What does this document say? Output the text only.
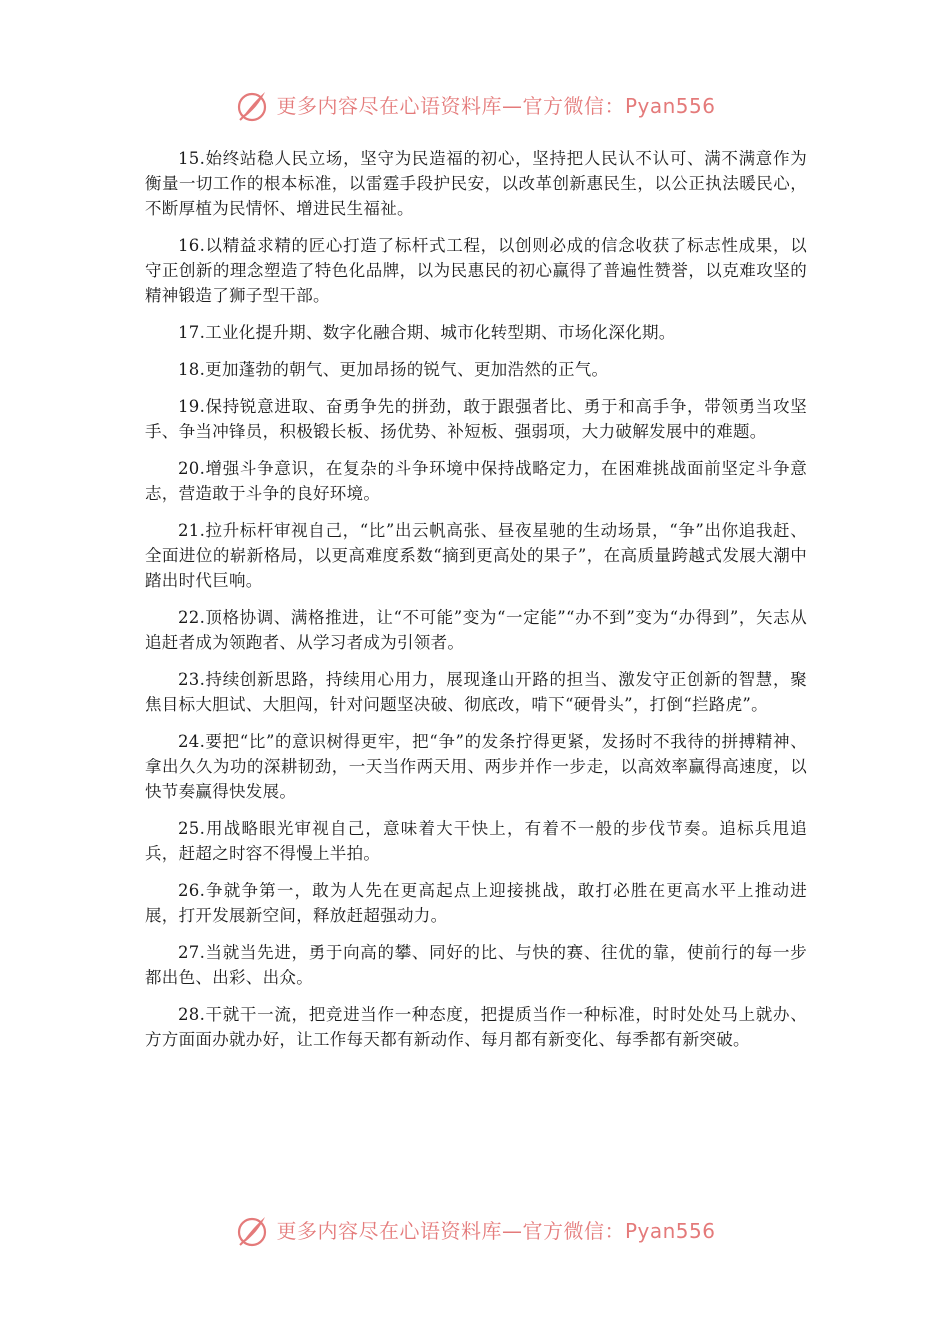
更多内容尽在心语资料库—官方微信：Pyan556

15.始终站稳人民立场，坚守为民造福的初心，坚持把人民认不认可、满不满意作为衡量一切工作的根本标准，以雷霆手段护民安，以改革创新惠民生，以公正执法暖民心，不断厚植为民情怀、增进民生福祉。

16.以精益求精的匠心打造了标杆式工程，以创则必成的信念收获了标志性成果，以守正创新的理念塑造了特色化品牌，以为民惠民的初心赢得了普遍性赞誉，以克难攻坚的精神锻造了狮子型干部。

17.工业化提升期、数字化融合期、城市化转型期、市场化深化期。

18.更加蓬勃的朝气、更加昂扬的锐气、更加浩然的正气。

19.保持锐意进取、奋勇争先的拼劲，敢于跟强者比、勇于和高手争，带领勇当攻坚手、争当冲锋员，积极锻长板、扬优势、补短板、强弱项，大力破解发展中的难题。

20.增强斗争意识，在复杂的斗争环境中保持战略定力，在困难挑战面前坚定斗争意志，营造敢于斗争的良好环境。

21.拉升标杆审视自己，“比”出云帆高张、昼夜星驰的生动场景，“争”出你追我赶、全面进位的崭新格局，以更高难度系数“摘到更高处的果子”，在高质量跨越式发展大潮中踏出时代巨响。

22.顶格协调、满格推进，让“不可能”变为“一定能”“办不到”变为“办得到”，矢志从追赶者成为领跑者、从学习者成为引领者。

23.持续创新思路，持续用心用力，展现逢山开路的担当、激发守正创新的智慧，聚焦目标大胆试、大胆闯，针对问题坚决破、彻底改，啃下“硬骨头”，打倒“拦路虎”。

24.要把“比”的意识树得更牢，把“争”的发条拧得更紧，发扬时不我待的拼搏精神、拿出久久为功的深耕韧劲，一天当作两天用、两步并作一步走，以高效率赢得高速度，以快节奏赢得快发展。

25.用战略眼光审视自己，意味着大干快上，有着不一般的步伐节奏。追标兵甩追兵，赶超之时容不得慢上半拍。

26.争就争第一，敢为人先在更高起点上迎接挑战，敢打必胜在更高水平上推动进展，打开发展新空间，释放赶超强动力。

27.当就当先进，勇于向高的攀、同好的比、与快的赛、往优的靠，使前行的每一步都出色、出彩、出众。

28.干就干一流，把竞进当作一种态度，把提质当作一种标准，时时处处马上就办、方方面面办就办好，让工作每天都有新动作、每月都有新变化、每季都有新突破。

更多内容尽在心语资料库—官方微信：Pyan556
